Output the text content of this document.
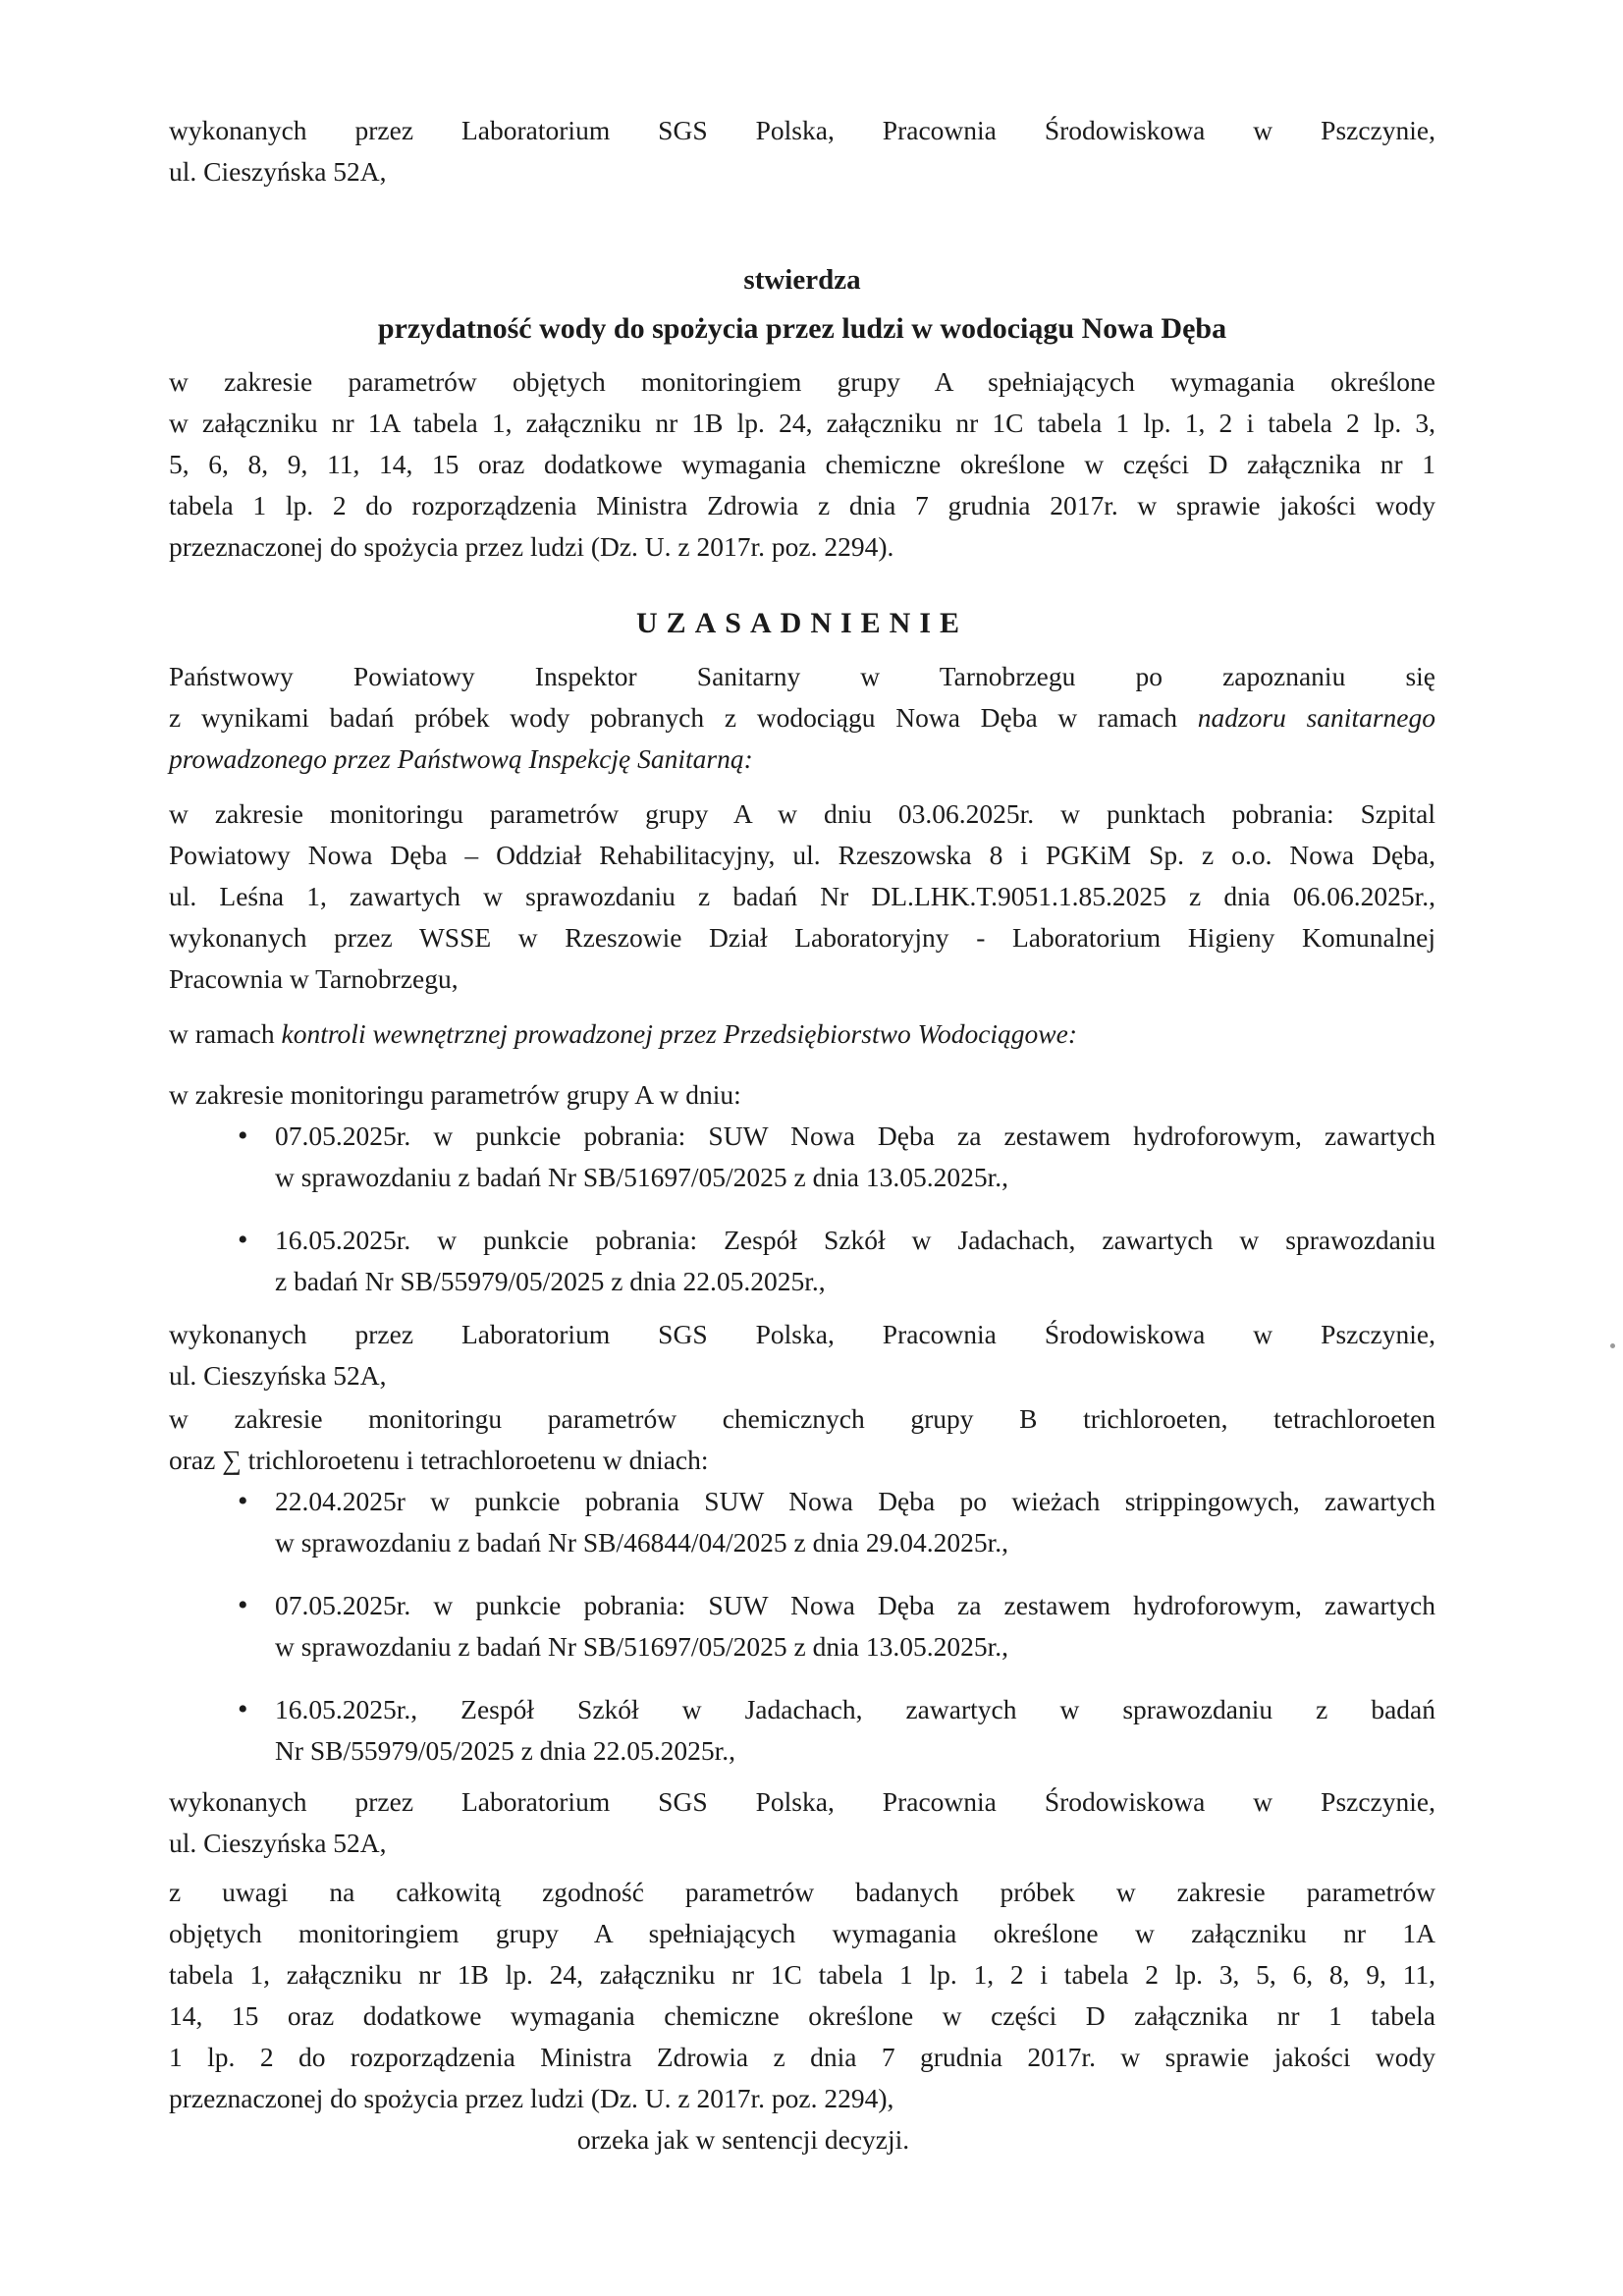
wykonanych przez Laboratorium SGS Polska, Pracownia Środowiskowa w Pszczynie,
ul. Cieszyńska 52A,
stwierdza
przydatność wody do spożycia przez ludzi w wodociągu Nowa Dęba
w zakresie parametrów objętych monitoringiem grupy A spełniających wymagania określone
w załączniku nr 1A tabela 1, załączniku nr 1B lp. 24, załączniku nr 1C tabela 1 lp. 1, 2 i tabela 2 lp. 3,
5, 6, 8, 9, 11, 14, 15 oraz dodatkowe wymagania chemiczne określone w części D załącznika nr 1
tabela 1 lp. 2 do rozporządzenia Ministra Zdrowia z dnia 7 grudnia 2017r. w sprawie jakości wody
przeznaczonej do spożycia przez ludzi (Dz. U. z 2017r. poz. 2294).
UZASADNIENIE
Państwowy Powiatowy Inspektor Sanitarny w Tarnobrzegu po zapoznaniu się
z wynikami badań próbek wody pobranych z wodociągu Nowa Dęba w ramach nadzoru sanitarnego
prowadzonego przez Państwową Inspekcję Sanitarną:
w zakresie monitoringu parametrów grupy A w dniu 03.06.2025r. w punktach pobrania: Szpital
Powiatowy Nowa Dęba – Oddział Rehabilitacyjny, ul. Rzeszowska 8 i PGKiM Sp. z o.o. Nowa Dęba,
ul. Leśna 1, zawartych w sprawozdaniu z badań Nr DL.LHK.T.9051.1.85.2025 z dnia 06.06.2025r.,
wykonanych przez WSSE w Rzeszowie Dział Laboratoryjny - Laboratorium Higieny Komunalnej
Pracownia w Tarnobrzegu,
w ramach kontroli wewnętrznej prowadzonej przez Przedsiębiorstwo Wodociągowe:
w zakresie monitoringu parametrów grupy A w dniu:
• 07.05.2025r. w punkcie pobrania: SUW Nowa Dęba za zestawem hydroforowym, zawartych
w sprawozdaniu z badań Nr SB/51697/05/2025 z dnia 13.05.2025r.,
• 16.05.2025r. w punkcie pobrania: Zespół Szkół w Jadachach, zawartych w sprawozdaniu
z badań Nr SB/55979/05/2025 z dnia 22.05.2025r.,
wykonanych przez Laboratorium SGS Polska, Pracownia Środowiskowa w Pszczynie,
ul. Cieszyńska 52A,
w zakresie monitoringu parametrów chemicznych grupy B trichloroeten, tetrachloroeten
oraz ∑ trichloroetenu i tetrachloroetenu w dniach:
• 22.04.2025r w punkcie pobrania SUW Nowa Dęba po wieżach strippingowych, zawartych
w sprawozdaniu z badań Nr SB/46844/04/2025 z dnia 29.04.2025r.,
• 07.05.2025r. w punkcie pobrania: SUW Nowa Dęba za zestawem hydroforowym, zawartych
w sprawozdaniu z badań Nr SB/51697/05/2025 z dnia 13.05.2025r.,
• 16.05.2025r., Zespół Szkół w Jadachach, zawartych w sprawozdaniu z badań
Nr SB/55979/05/2025 z dnia 22.05.2025r.,
wykonanych przez Laboratorium SGS Polska, Pracownia Środowiskowa w Pszczynie,
ul. Cieszyńska 52A,
z uwagi na całkowitą zgodność parametrów badanych próbek w zakresie parametrów
objętych monitoringiem grupy A spełniających wymagania określone w załączniku nr 1A
tabela 1, załączniku nr 1B lp. 24, załączniku nr 1C tabela 1 lp. 1, 2 i tabela 2 lp. 3, 5, 6, 8, 9, 11,
14, 15 oraz dodatkowe wymagania chemiczne określone w części D załącznika nr 1 tabela
1 lp. 2 do rozporządzenia Ministra Zdrowia z dnia 7 grudnia 2017r. w sprawie jakości wody
przeznaczonej do spożycia przez ludzi (Dz. U. z 2017r. poz. 2294),
orzeka jak w sentencji decyzji.
